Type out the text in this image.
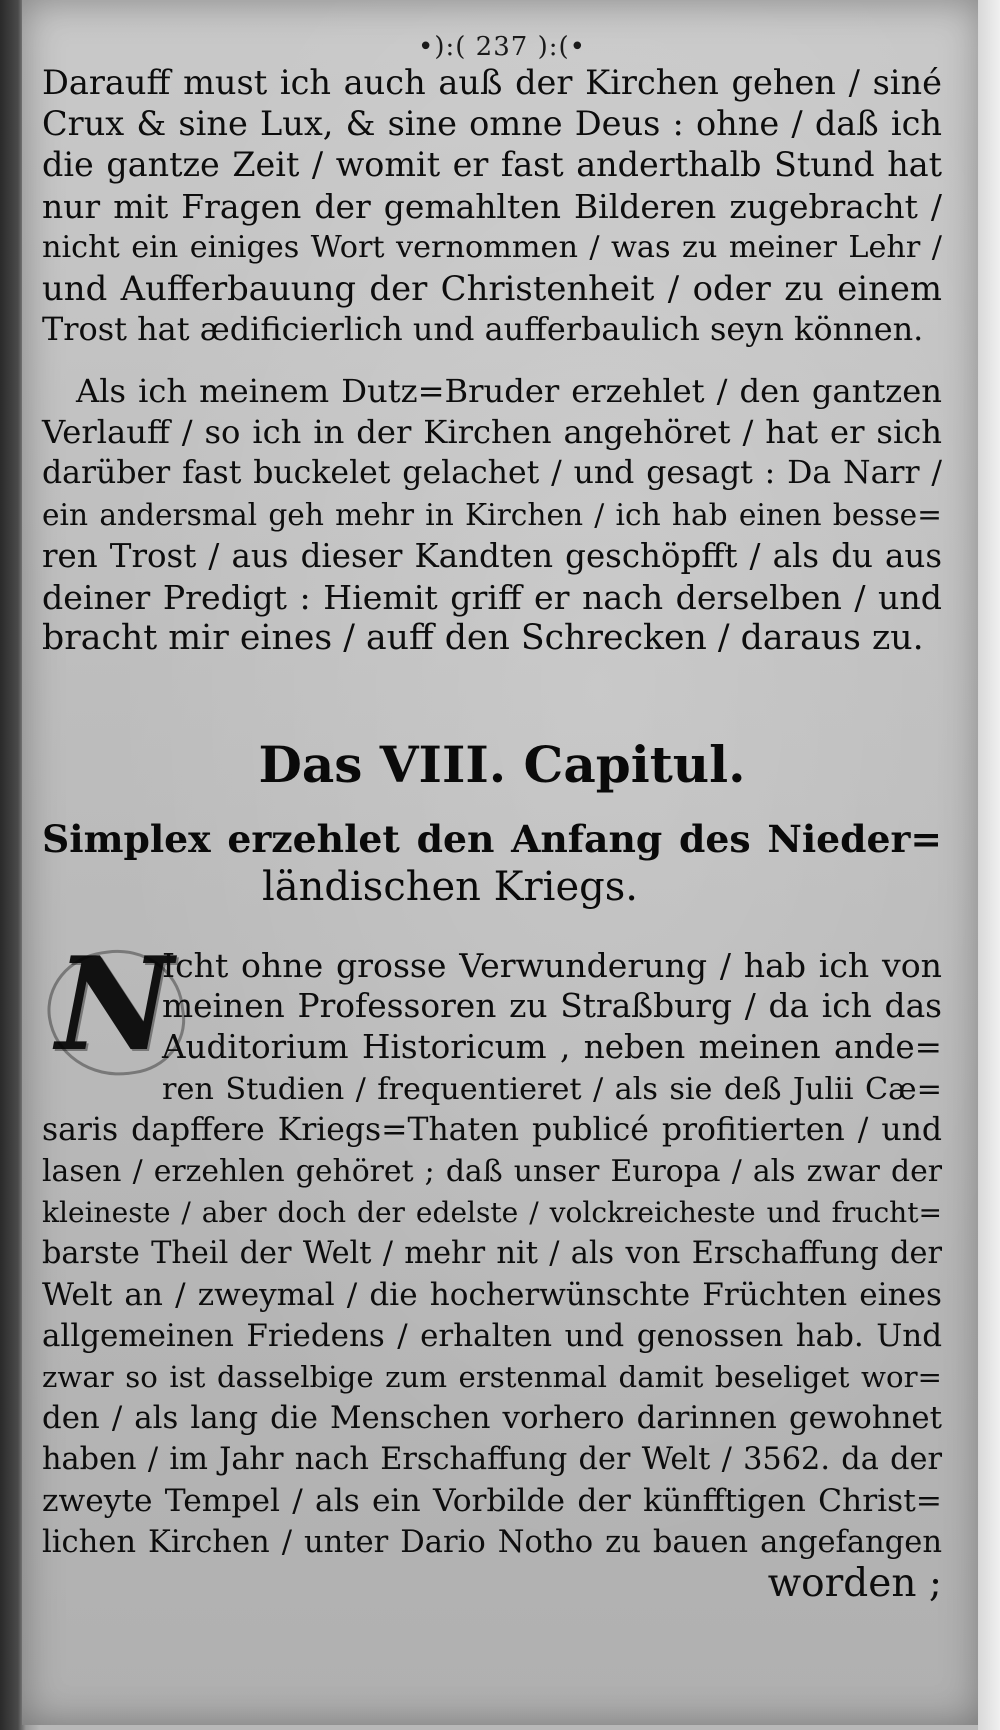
•):( 237 ):(•
Darauff must ich auch auß der Kirchen gehen / siné
Crux & sine Lux, & sine omne Deus : ohne / daß ich
die gantze Zeit / womit er fast anderthalb Stund hat
nur mit Fragen der gemahlten Bilderen zugebracht /
nicht ein einiges Wort vernommen / was zu meiner Lehr /
und Aufferbauung der Christenheit / oder zu einem
Trost hat ædificierlich und aufferbaulich seyn können.
Als ich meinem Dutz=Bruder erzehlet / den gantzen
Verlauff / so ich in der Kirchen angehöret / hat er sich
darüber fast buckelet gelachet / und gesagt : Da Narr /
ein andersmal geh mehr in Kirchen / ich hab einen besse=
ren Trost / aus dieser Kandten geschöpfft / als du aus
deiner Predigt : Hiemit griff er nach derselben / und
bracht mir eines / auff den Schrecken / daraus zu.
Das VIII. Capitul.
Simplex erzehlet den Anfang des Nieder=
ländischen Kriegs.
N
Icht ohne grosse Verwunderung / hab ich von
meinen Professoren zu Straßburg / da ich das
Auditorium Historicum , neben meinen ande=
ren Studien / frequentieret / als sie deß Julii Cæ=
saris dapffere Kriegs=Thaten publicé profitierten / und
lasen / erzehlen gehöret ; daß unser Europa / als zwar der
kleineste / aber doch der edelste / volckreicheste und frucht=
barste Theil der Welt / mehr nit / als von Erschaffung der
Welt an / zweymal / die hocherwünschte Früchten eines
allgemeinen Friedens / erhalten und genossen hab. Und
zwar so ist dasselbige zum erstenmal damit beseliget wor=
den / als lang die Menschen vorhero darinnen gewohnet
haben / im Jahr nach Erschaffung der Welt / 3562. da der
zweyte Tempel / als ein Vorbilde der künfftigen Christ=
lichen Kirchen / unter Dario Notho zu bauen angefangen
worden ;
